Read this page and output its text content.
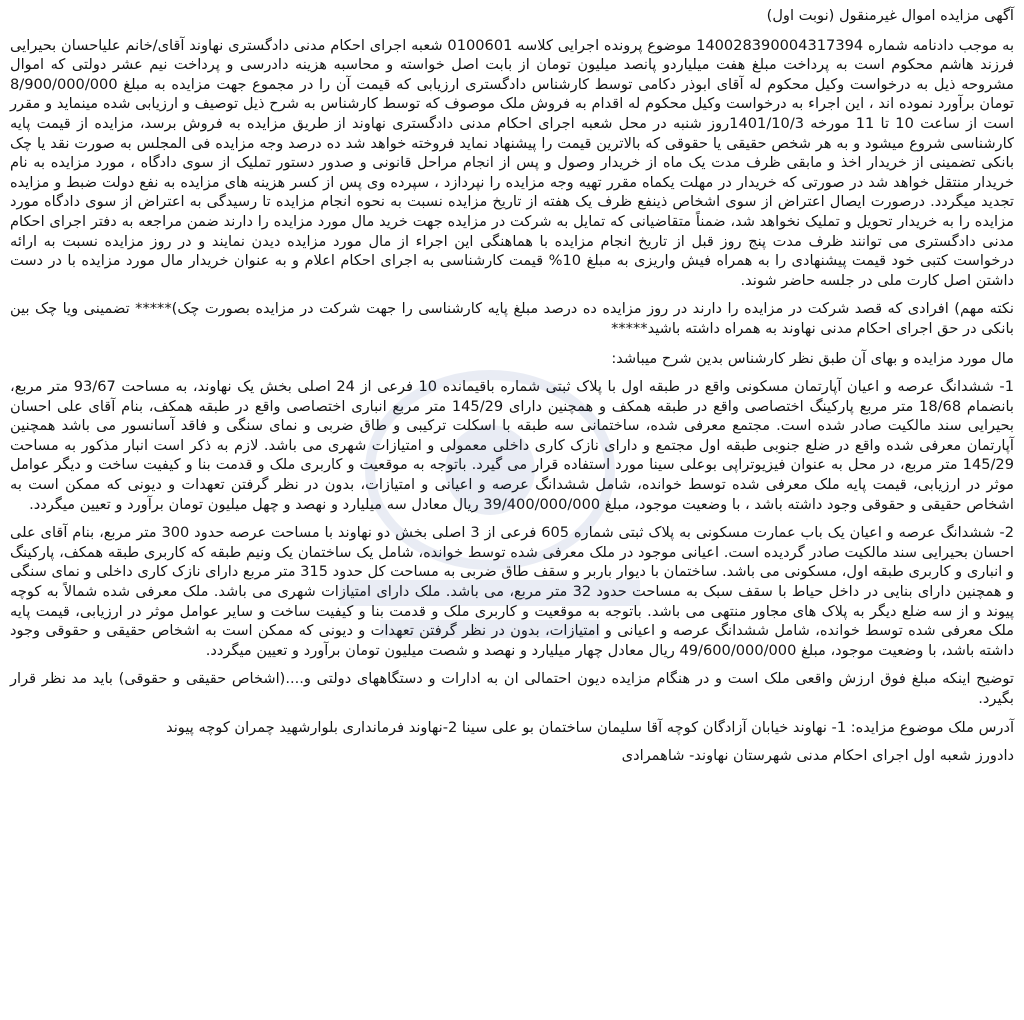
آگهی مزایده اموال غیرمنقول (نوبت اول)

به موجب دادنامه شماره 140028390004317394 موضوع پرونده اجرایی کلاسه 0100601 شعبه اجرای احکام مدنی دادگستری نهاوند آقای/خانم علیاحسان بحیرایی فرزند هاشم محکوم است به پرداخت مبلغ هفت میلیاردو پانصد میلیون تومان از بابت اصل خواسته و محاسبه هزینه دادرسی و پرداخت نیم عشر دولتی که اموال مشروحه ذیل به درخواست وکیل محکوم له آقای ابوذر دکامی توسط کارشناس دادگستری ارزیابی که قیمت آن را در مجموع جهت مزایده به مبلغ 8/900/000/000 تومان برآورد نموده اند ، این اجراء به درخواست وکیل محکوم له اقدام به فروش ملک موصوف که توسط کارشناس به شرح ذیل توصیف و ارزیابی شده مینماید و مقرر است از ساعت 10 تا 11 مورخه 1401/10/3روز شنبه در محل شعبه اجرای احکام مدنی دادگستری نهاوند از طریق مزایده به فروش برسد، مزایده از قیمت پایه کارشناسی شروع میشود و به هر شخص حقیقی یا حقوقی که بالاترین قیمت را پیشنهاد نماید فروخته خواهد شد ده درصد وجه مزایده فی المجلس به صورت نقد یا چک بانکی تضمینی از خریدار اخذ و مابقی ظرف مدت یک ماه از خریدار وصول و پس از انجام مراحل قانونی و صدور دستور تملیک از سوی دادگاه ، مورد مزایده به نام خریدار منتقل خواهد شد در صورتی که خریدار در مهلت یکماه مقرر تهیه وجه مزایده را نپردازد ، سپرده وی پس از کسر هزینه های مزایده به نفع دولت ضبط و مزایده تجدید میگردد. درصورت ایصال اعتراض از سوی اشخاص ذینفع ظرف یک هفته از تاریخ مزایده نسبت به نحوه انجام مزایده تا رسیدگی به اعتراض از سوی دادگاه مورد مزایده را به خریدار تحویل و تملیک نخواهد شد، ضمناً متقاضیانی که تمایل به شرکت در مزایده جهت خرید مال مورد مزایده را دارند ضمن مراجعه به دفتر اجرای احکام مدنی دادگستری می توانند ظرف مدت پنج روز قبل از تاریخ انجام مزایده با هماهنگی این اجراء از مال مورد مزایده دیدن نمایند و در روز مزایده نسبت به ارائه درخواست کتبی خود قیمت پیشنهادی را به همراه فیش واریزی به مبلغ 10% قیمت کارشناسی به اجرای احکام اعلام و به عنوان خریدار مال مورد مزایده با در دست داشتن اصل کارت ملی در جلسه حاضر شوند.

نکته مهم) افرادی که قصد شرکت در مزایده را دارند در روز مزایده ده درصد مبلغ پایه کارشناسی را جهت شرکت در مزایده بصورت چک)***** تضمینی ویا چک بین بانکی در حق اجرای احکام مدنی نهاوند به همراه داشته باشید*****

مال مورد مزایده و بهای آن طبق نظر کارشناس بدین شرح میباشد:

1- ششدانگ عرصه و اعیان آپارتمان مسکونی واقع در طبقه اول با پلاک ثبتی شماره باقیمانده 10 فرعی از 24 اصلی بخش یک نهاوند، به مساحت 93/67 متر مربع، بانضمام 18/68 متر مربع پارکینگ اختصاصی واقع در طبقه همکف و همچنین دارای 145/29 متر مربع انباری اختصاصی واقع در طبقه همکف، بنام آقای علی احسان بحیرایی سند مالکیت صادر شده است. مجتمع معرفی شده، ساختمانی سه طبقه با اسکلت ترکیبی و طاق ضربی و نمای سنگی و فاقد آسانسور می باشد همچنین آپارتمان معرفی شده واقع در ضلع جنوبی طبقه اول مجتمع و دارای نازک کاری داخلی معمولی و امتیازات شهری می باشد. لازم به ذکر است انبار مذکور به مساحت 145/29 متر مربع، در محل به عنوان فیزیوتراپی بوعلی سینا مورد استفاده قرار می گیرد. باتوجه به موقعیت و کاربری ملک و قدمت بنا و کیفیت ساخت و دیگر عوامل موثر در ارزیابی، قیمت پایه ملک معرفی شده توسط خوانده، شامل ششدانگ عرصه و اعیانی و امتیازات، بدون در نظر گرفتن تعهدات و دیونی که ممکن است به اشخاص حقیقی و حقوقی وجود داشته باشد ، با وضعیت موجود، مبلغ 39/400/000/000 ریال معادل سه میلیارد و نهصد و چهل میلیون تومان برآورد و تعیین میگردد.

2- ششدانگ عرصه و اعیان یک باب عمارت مسکونی به پلاک ثبتی شماره 605 فرعی از 3 اصلی بخش دو نهاوند با مساحت عرصه حدود 300 متر مربع، بنام آقای علی احسان بحیرایی سند مالکیت صادر گردیده است. اعیانی موجود در ملک معرفی شده توسط خوانده، شامل یک ساختمان یک ونیم طبقه که کاربری طبقه همکف، پارکینگ و انباری و کاربری طبقه اول، مسکونی می باشد. ساختمان با دیوار باربر و سقف طاق ضربی به مساحت کل حدود 315 متر مربع دارای نازک کاری داخلی و نمای سنگی و همچنین دارای بنایی در داخل حیاط با سقف سبک به مساحت حدود 32 متر مربع، می باشد. ملک دارای امتیازات شهری می باشد. ملک معرفی شده شمالاً به کوچه پیوند و از سه ضلع دیگر به پلاک های مجاور منتهی می باشد. باتوجه به موقعیت و کاربری ملک و قدمت بنا و کیفیت ساخت و سایر عوامل موثر در ارزیابی، قیمت پایه ملک معرفی شده توسط خوانده، شامل ششدانگ عرصه و اعیانی و امتیازات، بدون در نظر گرفتن تعهدات و دیونی که ممکن است به اشخاص حقیقی و حقوقی وجود داشته باشد، با وضعیت موجود، مبلغ 49/600/000/000 ریال معادل چهار میلیارد و نهصد و شصت میلیون تومان برآورد و تعیین میگردد.

توضیح اینکه مبلغ فوق ارزش واقعی ملک است و در هنگام مزایده دیون احتمالی ان به ادارات و دستگاههای دولتی و....(اشخاص حقیقی و حقوقی) باید مد نظر قرار بگیرد.

آدرس ملک موضوع مزایده: 1- نهاوند خیابان آزادگان کوچه آقا سلیمان ساختمان بو علی سینا 2-نهاوند فرمانداری بلوارشهید چمران کوچه پیوند

دادورز شعبه اول اجرای احکام مدنی شهرستان نهاوند- شاهمرادی
